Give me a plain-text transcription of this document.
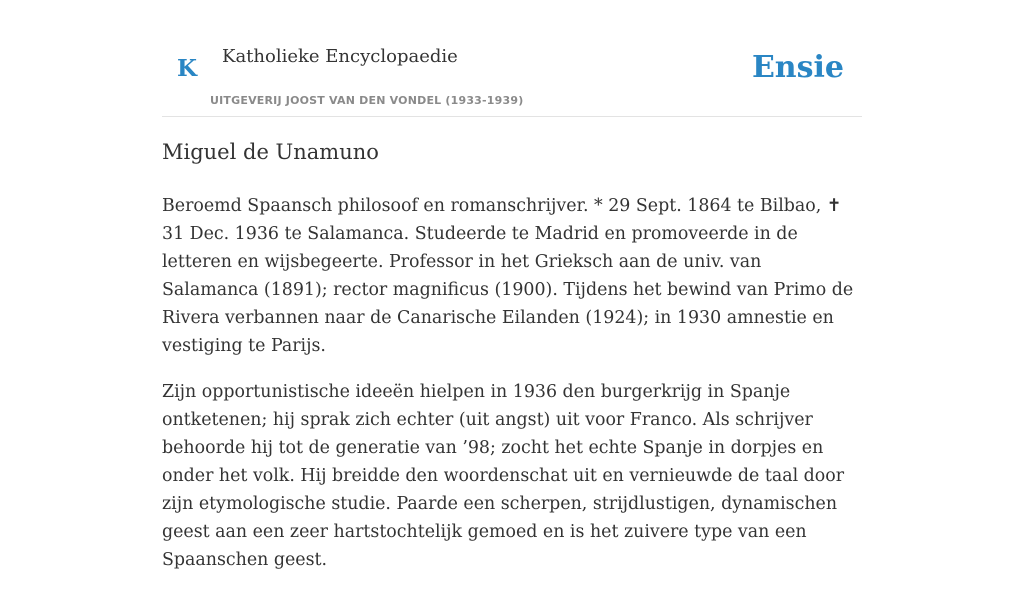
K Katholieke Encyclopaedie
UITGEVERIJ JOOST VAN DEN VONDEL (1933-1939)
Ensie
Miguel de Unamuno

Beroemd Spaansch philosoof en romanschrijver. * 29 Sept. 1864 te Bilbao, ✝ 31 Dec. 1936 te Salamanca. Studeerde te Madrid en promoveerde in de letteren en wijsbegeerte. Professor in het Grieksch aan de univ. van Salamanca (1891); rector magnificus (1900). Tijdens het bewind van Primo de Rivera verbannen naar de Canarische Eilanden (1924); in 1930 amnestie en vestiging te Parijs.

Zijn opportunistische ideeën hielpen in 1936 den burgerkrijg in Spanje ontketenen; hij sprak zich echter (uit angst) uit voor Franco. Als schrijver behoorde hij tot de generatie van ’98; zocht het echte Spanje in dorpjes en onder het volk. Hij breidde den woordenschat uit en vernieuwde de taal door zijn etymologische studie. Paarde een scherpen, strijdlustigen, dynamischen geest aan een zeer hartstochtelijk gemoed en is het zuivere type van een Spaanschen geest.
